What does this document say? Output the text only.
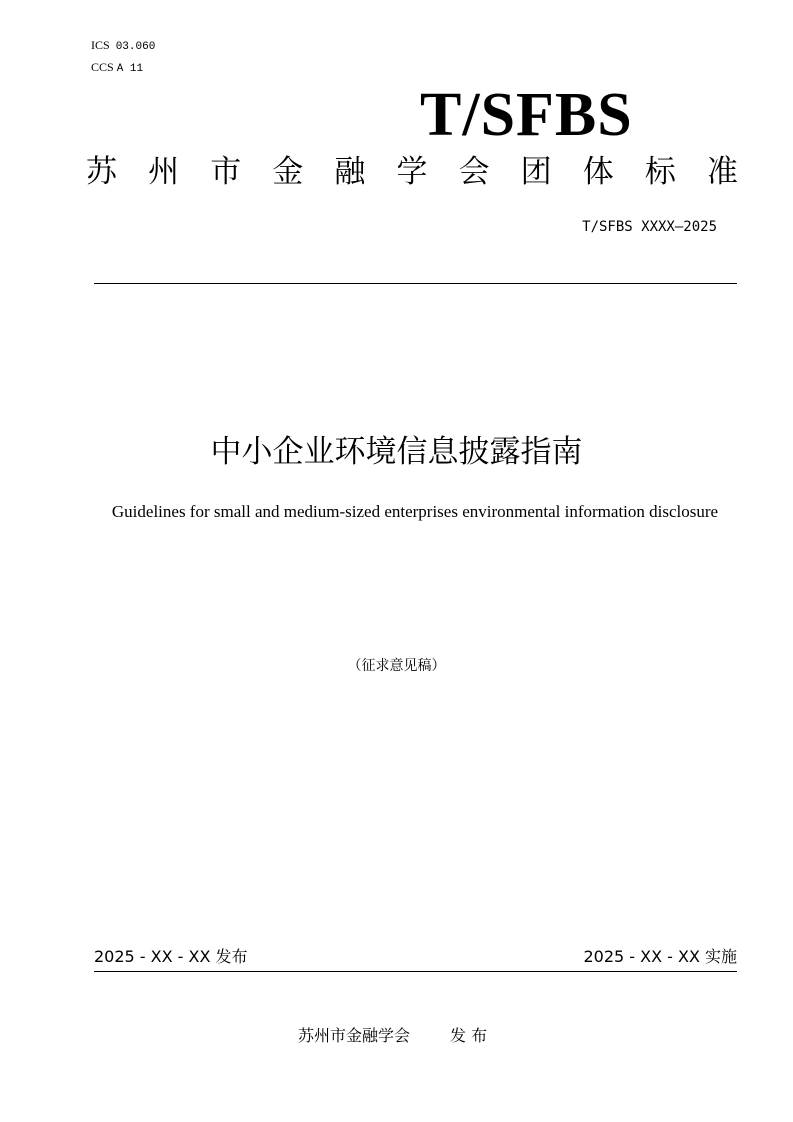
ICS 03.060
CCS A 11
T/SFBS
苏 州 市 金 融 学 会 团 体 标 准
T/SFBS XXXX—2025
中小企业环境信息披露指南
Guidelines for small and medium-sized enterprises environmental information disclosure
（征求意见稿）
2025 - XX - XX 发布	2025 - XX - XX 实施
苏州市金融学会	发 布
